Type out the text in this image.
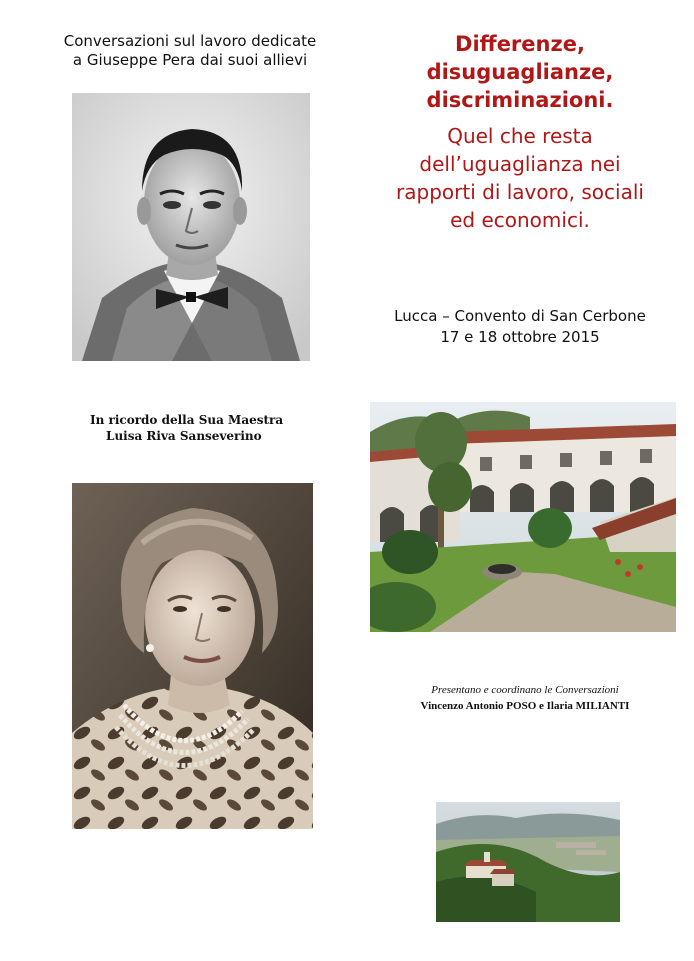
Conversazioni sul lavoro dedicate
a Giuseppe Pera dai suoi allievi
Differenze,
disuguaglianze,
discriminazioni.
Quel che resta
dell’uguaglianza nei
rapporti di lavoro, sociali
ed economici.
Lucca – Convento di San Cerbone
17 e 18 ottobre 2015
In ricordo della Sua Maestra
Luisa Riva Sanseverino
Presentano e coordinano le Conversazioni
Vincenzo Antonio POSO e Ilaria MILIANTI
